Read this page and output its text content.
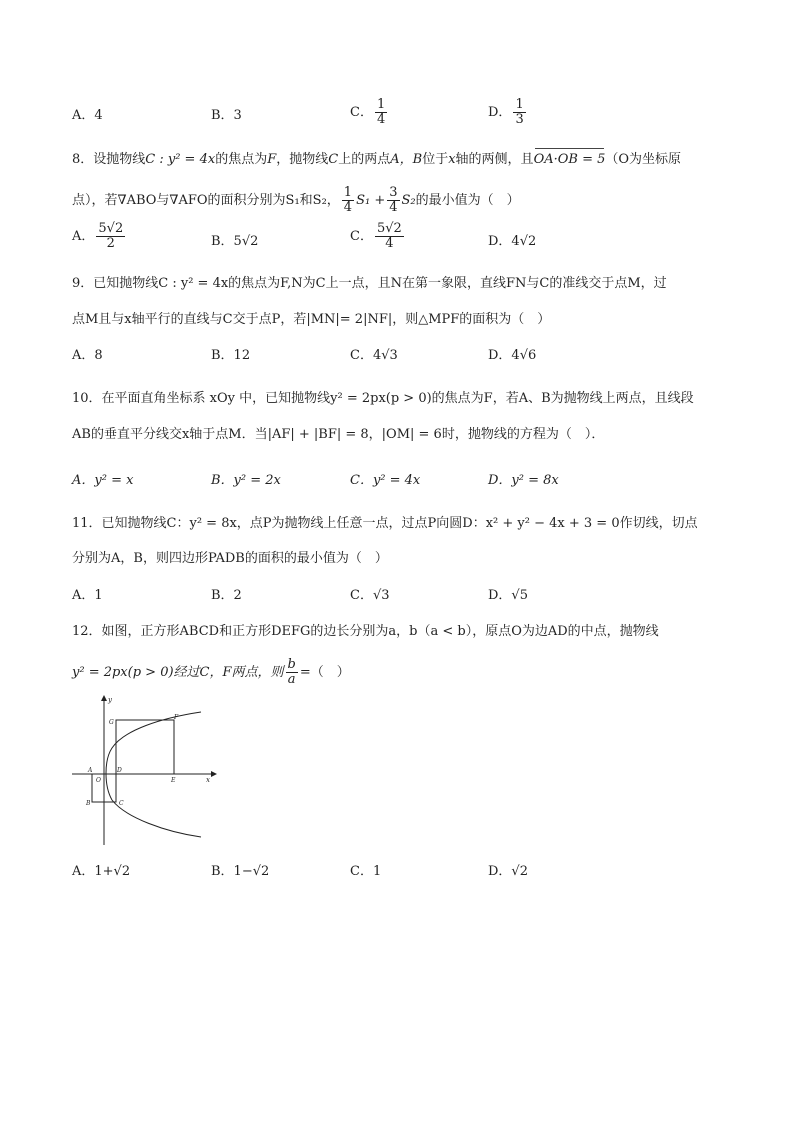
A．4	B．3	C． $\frac{1}{4}$	D． $\frac{1}{3}$
8．设抛物线C : y² = 4x的焦点为F，抛物线C上的两点A，B位于x轴的两侧，且OA·OB = 5（O为坐标原
点），若∇ABO与∇AFO的面积分别为S₁和S₂， $\frac{1}{4} S_1 + \frac{3}{4} S_2$的最小值为（　）
A． $\frac{5√2}{2}$	B．5√2	C． $\frac{5√2}{4}$	D．4√2
9．已知抛物线C : y² = 4x的焦点为F,N为C上一点，且N在第一象限，直线FN与C的准线交于点M，过
点M且与x轴平行的直线与C交于点P，若|MN|= 2|NF|，则△MPF的面积为（　）
A．8	B．12	C．4√3	D．4√6
10．在平面直角坐标系 xOy 中，已知抛物线y² = 2px(p > 0)的焦点为F，若A、B为抛物线上两点，且线段
AB的垂直平分线交x轴于点M．当|AF| + |BF| = 8，|OM| = 6时，抛物线的方程为（　）．
A．y² = x	B．y² = 2x	C．y² = 4x	D．y² = 8x
11．已知抛物线C：y² = 8x，点P为抛物线上任意一点，过点P向圆D：x² + y² − 4x + 3 = 0作切线，切点
分别为A，B，则四边形PADB的面积的最小值为（　）
A．1	B．2	C．√3	D．√5
12．如图，正方形ABCD和正方形DEFG的边长分别为a，b（a < b），原点O为边AD的中点，抛物线
y² = 2px(p > 0)经过C，F两点，则 $\frac{b}{a}$ =（　）
y
x
O
A	D
B	C
E
F
G
A．1+√2	B．1−√2	C．1	D．√2
